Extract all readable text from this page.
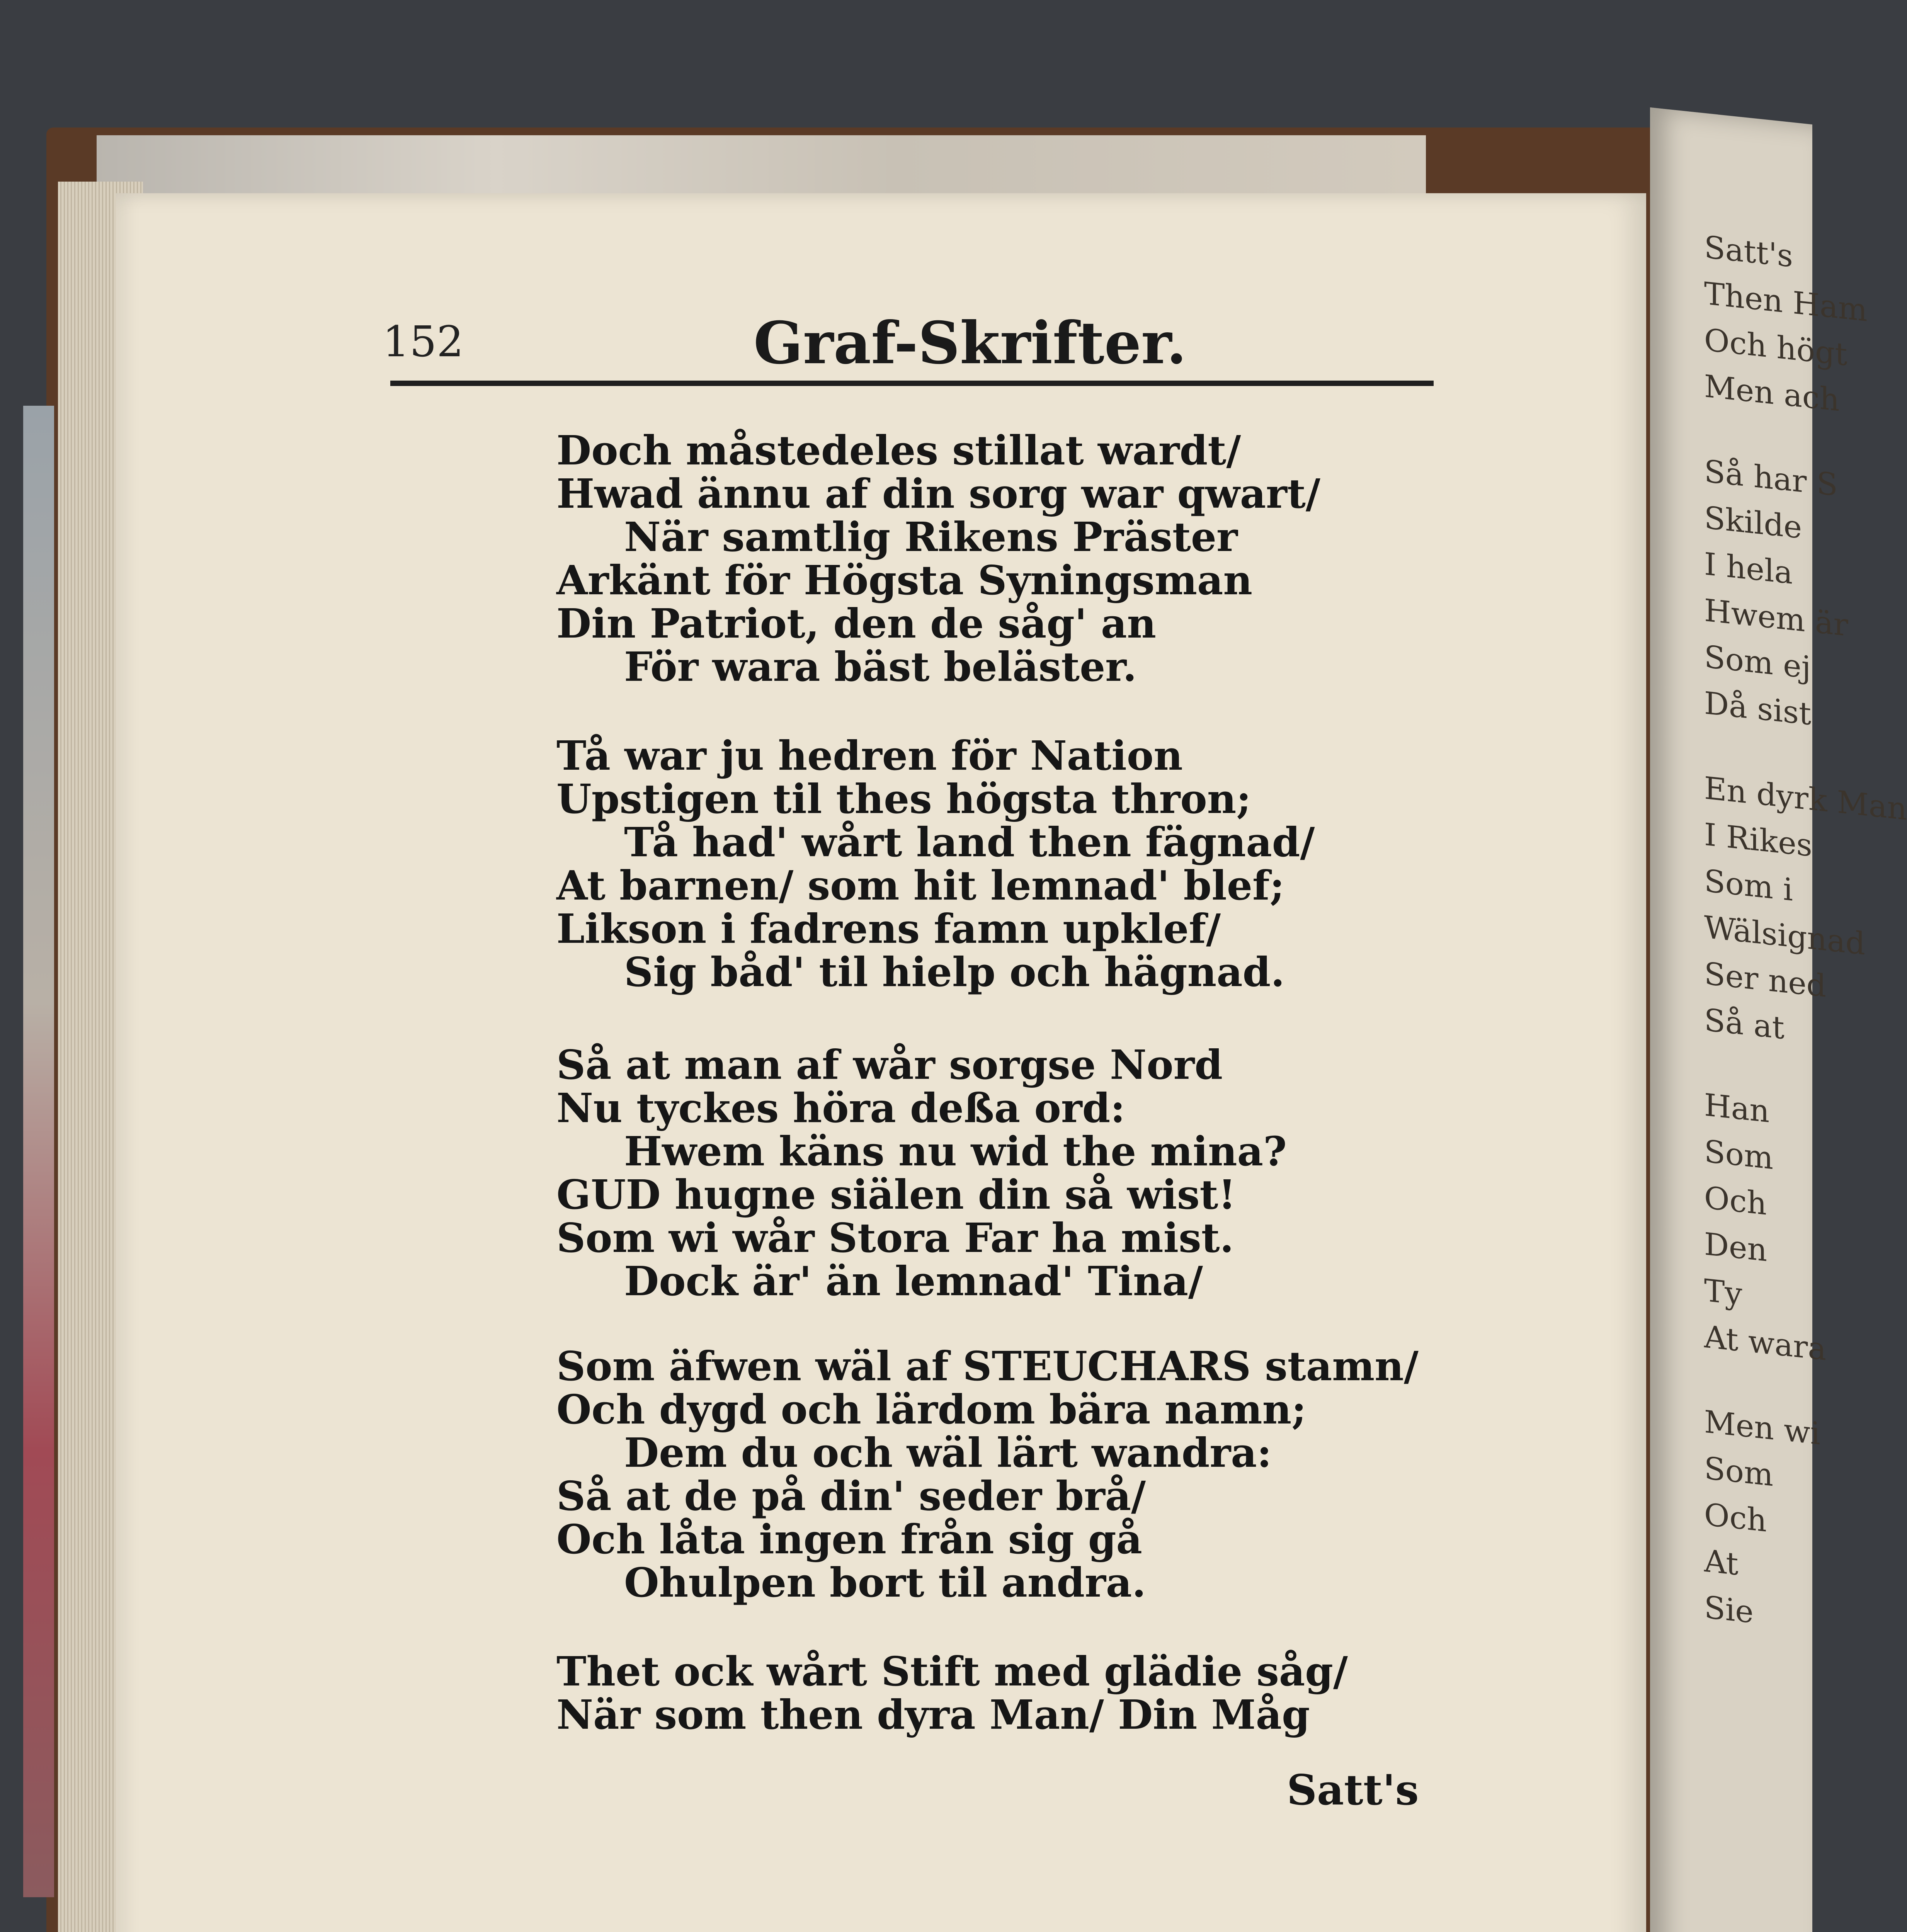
Satt's
Then Ham
Och högt
Men ach
Så har S
Skilde
I hela
Hwem är
Som ej
Då sist
En dyrk Man
I Rikes
Som i
Wälsignad
Ser ned
Så at
Han
Som
Och
Den
Ty
At wara
Men wi
Som
Och
At
Sie
152	Graf-Skrifter.
Doch måstedeles stillat wardt/
Hwad ännu af din sorg war qwart/
När samtlig Rikens Präster
Arkänt för Högsta Syningsman
Din Patriot, den de såg' an
För wara bäst beläster.
Tå war ju hedren för Nation
Upstigen til thes högsta thron;
Tå had' wårt land then fägnad/
At barnen/ som hit lemnad' blef;
Likson i fadrens famn upklef/
Sig båd' til hielp och hägnad.
Så at man af wår sorgse Nord
Nu tyckes höra deßa ord:
Hwem käns nu wid the mina?
GUD hugne siälen din så wist!
Som wi wår Stora Far ha mist.
Dock är' än lemnad' Tina/
Som äfwen wäl af STEUCHARS stamn/
Och dygd och lärdom bära namn;
Dem du och wäl lärt wandra:
Så at de på din' seder brå/
Och låta ingen från sig gå
Ohulpen bort til andra.
Thet ock wårt Stift med glädie såg/
När som then dyra Man/ Din Måg
Satt's
